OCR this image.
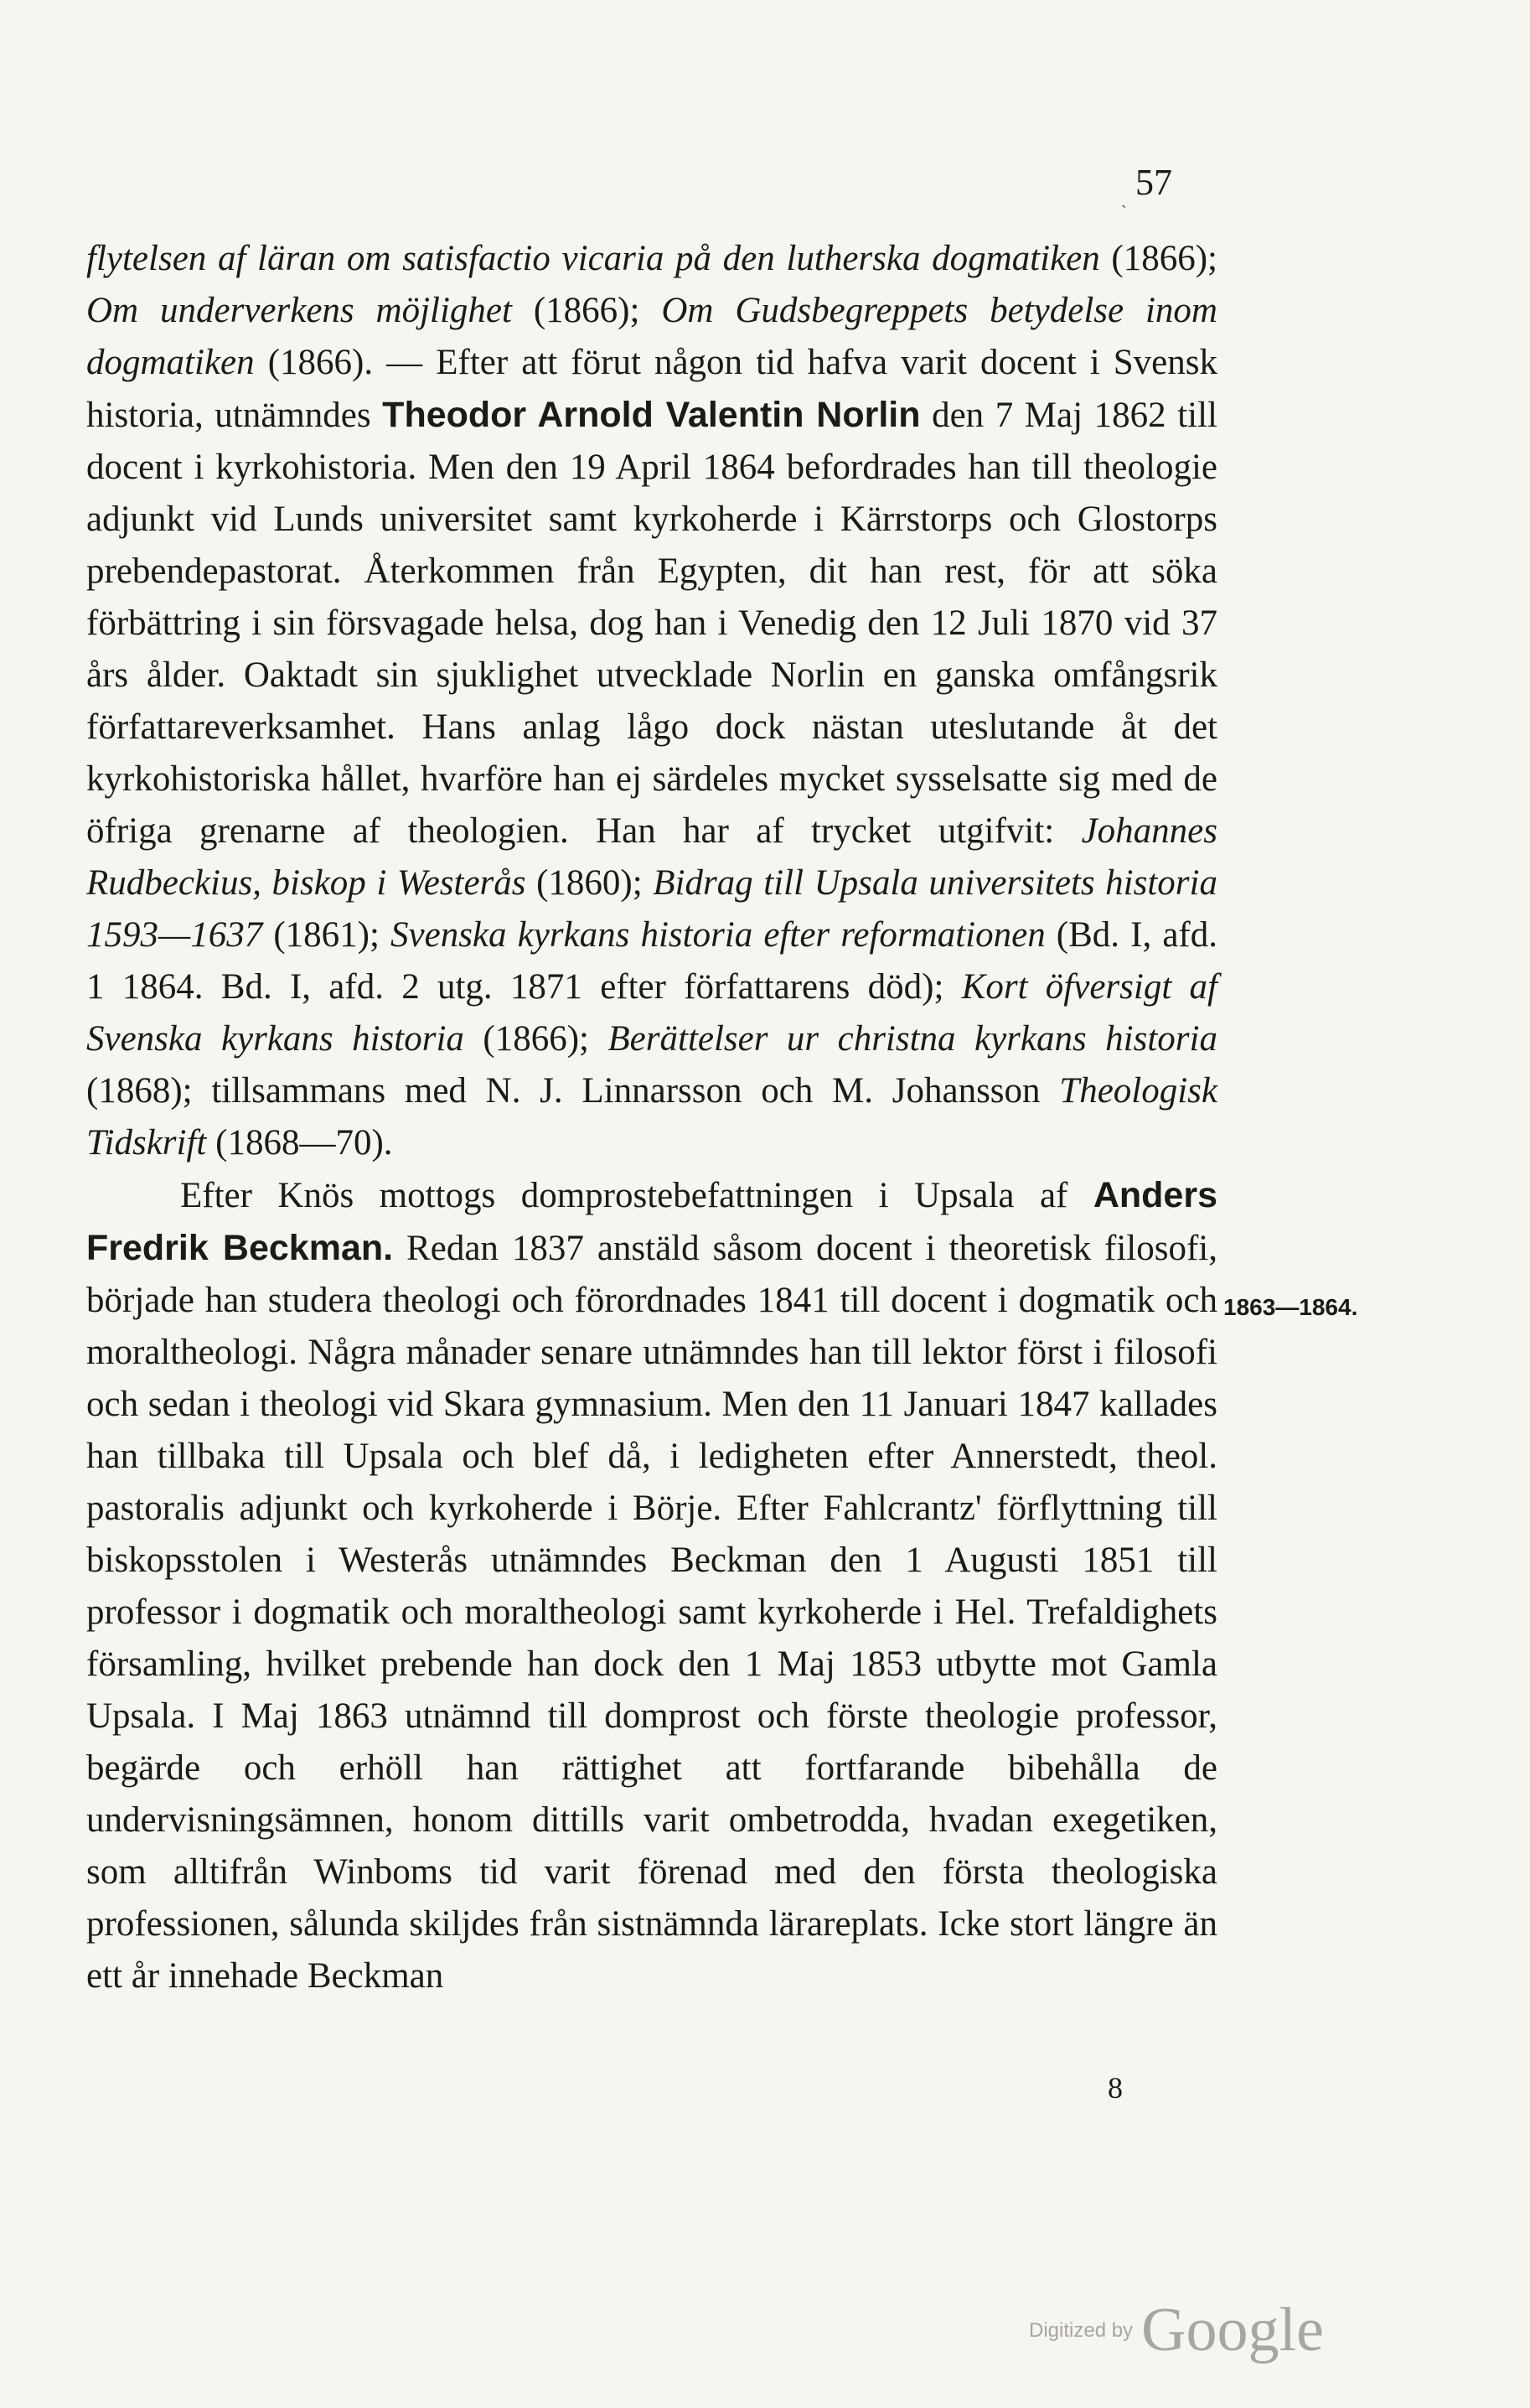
57
`

flytelsen af läran om satisfactio vicaria på den lutherska dogmatiken (1866); Om underverkens möjlighet (1866); Om Gudsbegreppets betydelse inom dogmatiken (1866). — Efter att förut någon tid hafva varit docent i Svensk historia, utnämndes Theodor Arnold Valentin Norlin den 7 Maj 1862 till docent i kyrkohistoria. Men den 19 April 1864 befordrades han till theologie adjunkt vid Lunds universitet samt kyrkoherde i Kärrstorps och Glostorps prebendepastorat. Återkommen från Egypten, dit han rest, för att söka förbättring i sin försvagade helsa, dog han i Venedig den 12 Juli 1870 vid 37 års ålder. Oaktadt sin sjuklighet utvecklade Norlin en ganska omfångsrik författareverksamhet. Hans anlag lågo dock nästan uteslutande åt det kyrkohistoriska hållet, hvarföre han ej särdeles mycket sysselsatte sig med de öfriga grenarne af theologien. Han har af trycket utgifvit: Johannes Rudbeckius, biskop i Westerås (1860); Bidrag till Upsala universitets historia 1593—1637 (1861); Svenska kyrkans historia efter reformationen (Bd. I, afd. 1 1864. Bd. I, afd. 2 utg. 1871 efter författarens död); Kort öfversigt af Svenska kyrkans historia (1866); Berättelser ur christna kyrkans historia (1868); tillsammans med N. J. Linnarsson och M. Johansson Theologisk Tidskrift (1868—70).

Efter Knös mottogs domprostebefattningen i Upsala af Anders Fredrik Beckman. Redan 1837 anstäld såsom docent i theoretisk filosofi, började han studera theologi och förordnades 1841 till docent i dogmatik och moraltheologi. Några månader senare utnämndes han till lektor först i filosofi och sedan i theologi vid Skara gymnasium. Men den 11 Januari 1847 kallades han tillbaka till Upsala och blef då, i ledigheten efter Annerstedt, theol. pastoralis adjunkt och kyrkoherde i Börje. Efter Fahlcrantz' förflyttning till biskopsstolen i Westerås utnämndes Beckman den 1 Augusti 1851 till professor i dogmatik och moraltheologi samt kyrkoherde i Hel. Trefaldighets församling, hvilket prebende han dock den 1 Maj 1853 utbytte mot Gamla Upsala. I Maj 1863 utnämnd till domprost och förste theologie professor, begärde och erhöll han rättighet att fortfarande bibehålla de undervisningsämnen, honom dittills varit ombetrodda, hvadan exegetiken, som alltifrån Winboms tid varit förenad med den första theologiska professionen, sålunda skiljdes från sistnämnda lärareplats. Icke stort längre än ett år innehade Beckman

1863—1864.
8
Digitized by Google
